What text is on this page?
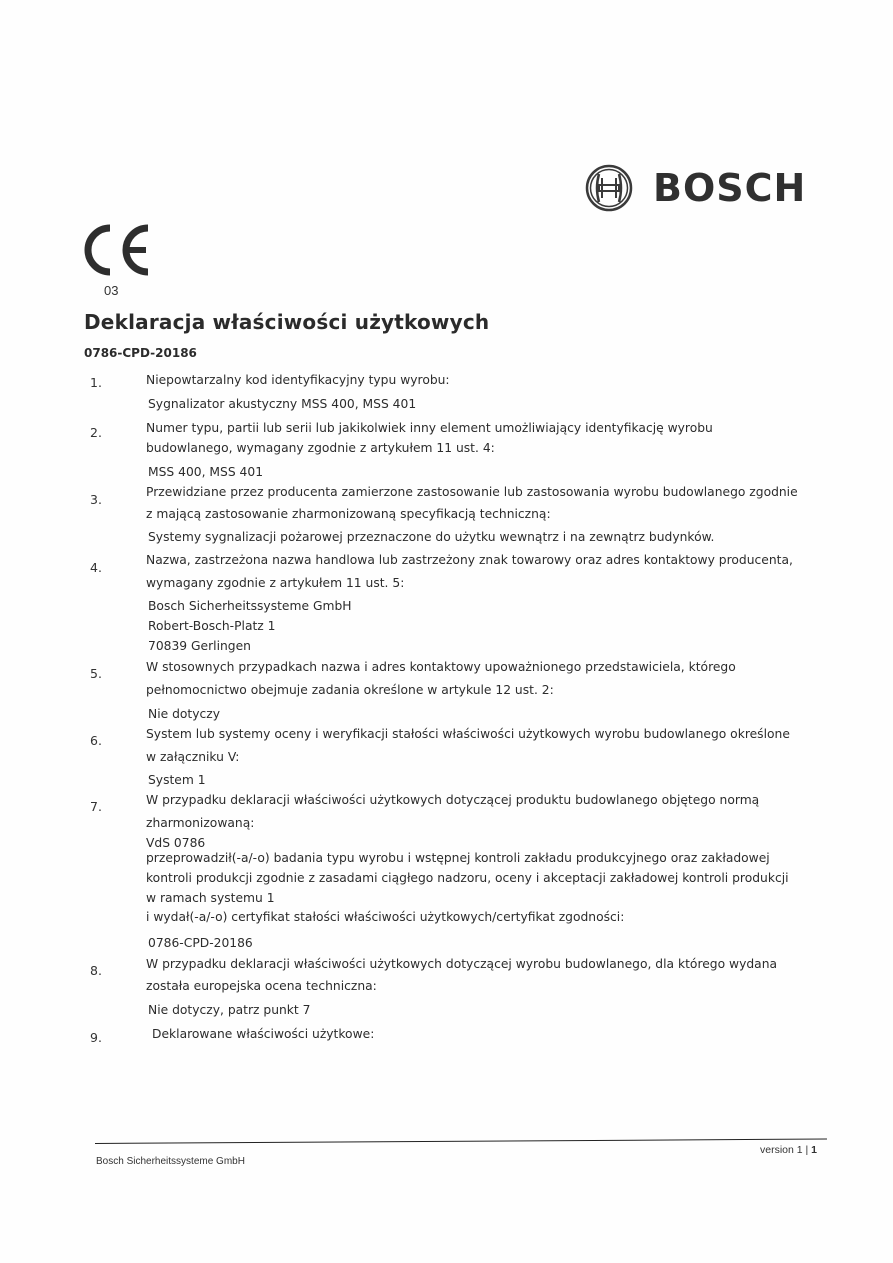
BOSCH
03
Deklaracja właściwości użytkowych
0786-CPD-20186
1.	Niepowtarzalny kod identyfikacyjny typu wyrobu:
Sygnalizator akustyczny MSS 400, MSS 401
2.	Numer typu, partii lub serii lub jakikolwiek inny element umożliwiający identyfikację wyrobu
budowlanego, wymagany zgodnie z artykułem 11 ust. 4:
MSS 400, MSS 401
3.	Przewidziane przez producenta zamierzone zastosowanie lub zastosowania wyrobu budowlanego zgodnie
z mającą zastosowanie zharmonizowaną specyfikacją techniczną:
Systemy sygnalizacji pożarowej przeznaczone do użytku wewnątrz i na zewnątrz budynków.
4.	Nazwa, zastrzeżona nazwa handlowa lub zastrzeżony znak towarowy oraz adres kontaktowy producenta,
wymagany zgodnie z artykułem 11 ust. 5:
Bosch Sicherheitssysteme GmbH
Robert-Bosch-Platz 1
70839 Gerlingen
5.	W stosownych przypadkach nazwa i adres kontaktowy upoważnionego przedstawiciela, którego
pełnomocnictwo obejmuje zadania określone w artykule 12 ust. 2:
Nie dotyczy
6.	System lub systemy oceny i weryfikacji stałości właściwości użytkowych wyrobu budowlanego określone
w załączniku V:
System 1
7.	W przypadku deklaracji właściwości użytkowych dotyczącej produktu budowlanego objętego normą
zharmonizowaną:
VdS 0786
przeprowadził(-a/-o) badania typu wyrobu i wstępnej kontroli zakładu produkcyjnego oraz zakładowej
kontroli produkcji zgodnie z zasadami ciągłego nadzoru, oceny i akceptacji zakładowej kontroli produkcji
w ramach systemu 1
i wydał(-a/-o) certyfikat stałości właściwości użytkowych/certyfikat zgodności:
0786-CPD-20186
8.	W przypadku deklaracji właściwości użytkowych dotyczącej wyrobu budowlanego, dla którego wydana
została europejska ocena techniczna:
Nie dotyczy, patrz punkt 7
9.	Deklarowane właściwości użytkowe:
Bosch Sicherheitssysteme GmbH
version 1 | 1
